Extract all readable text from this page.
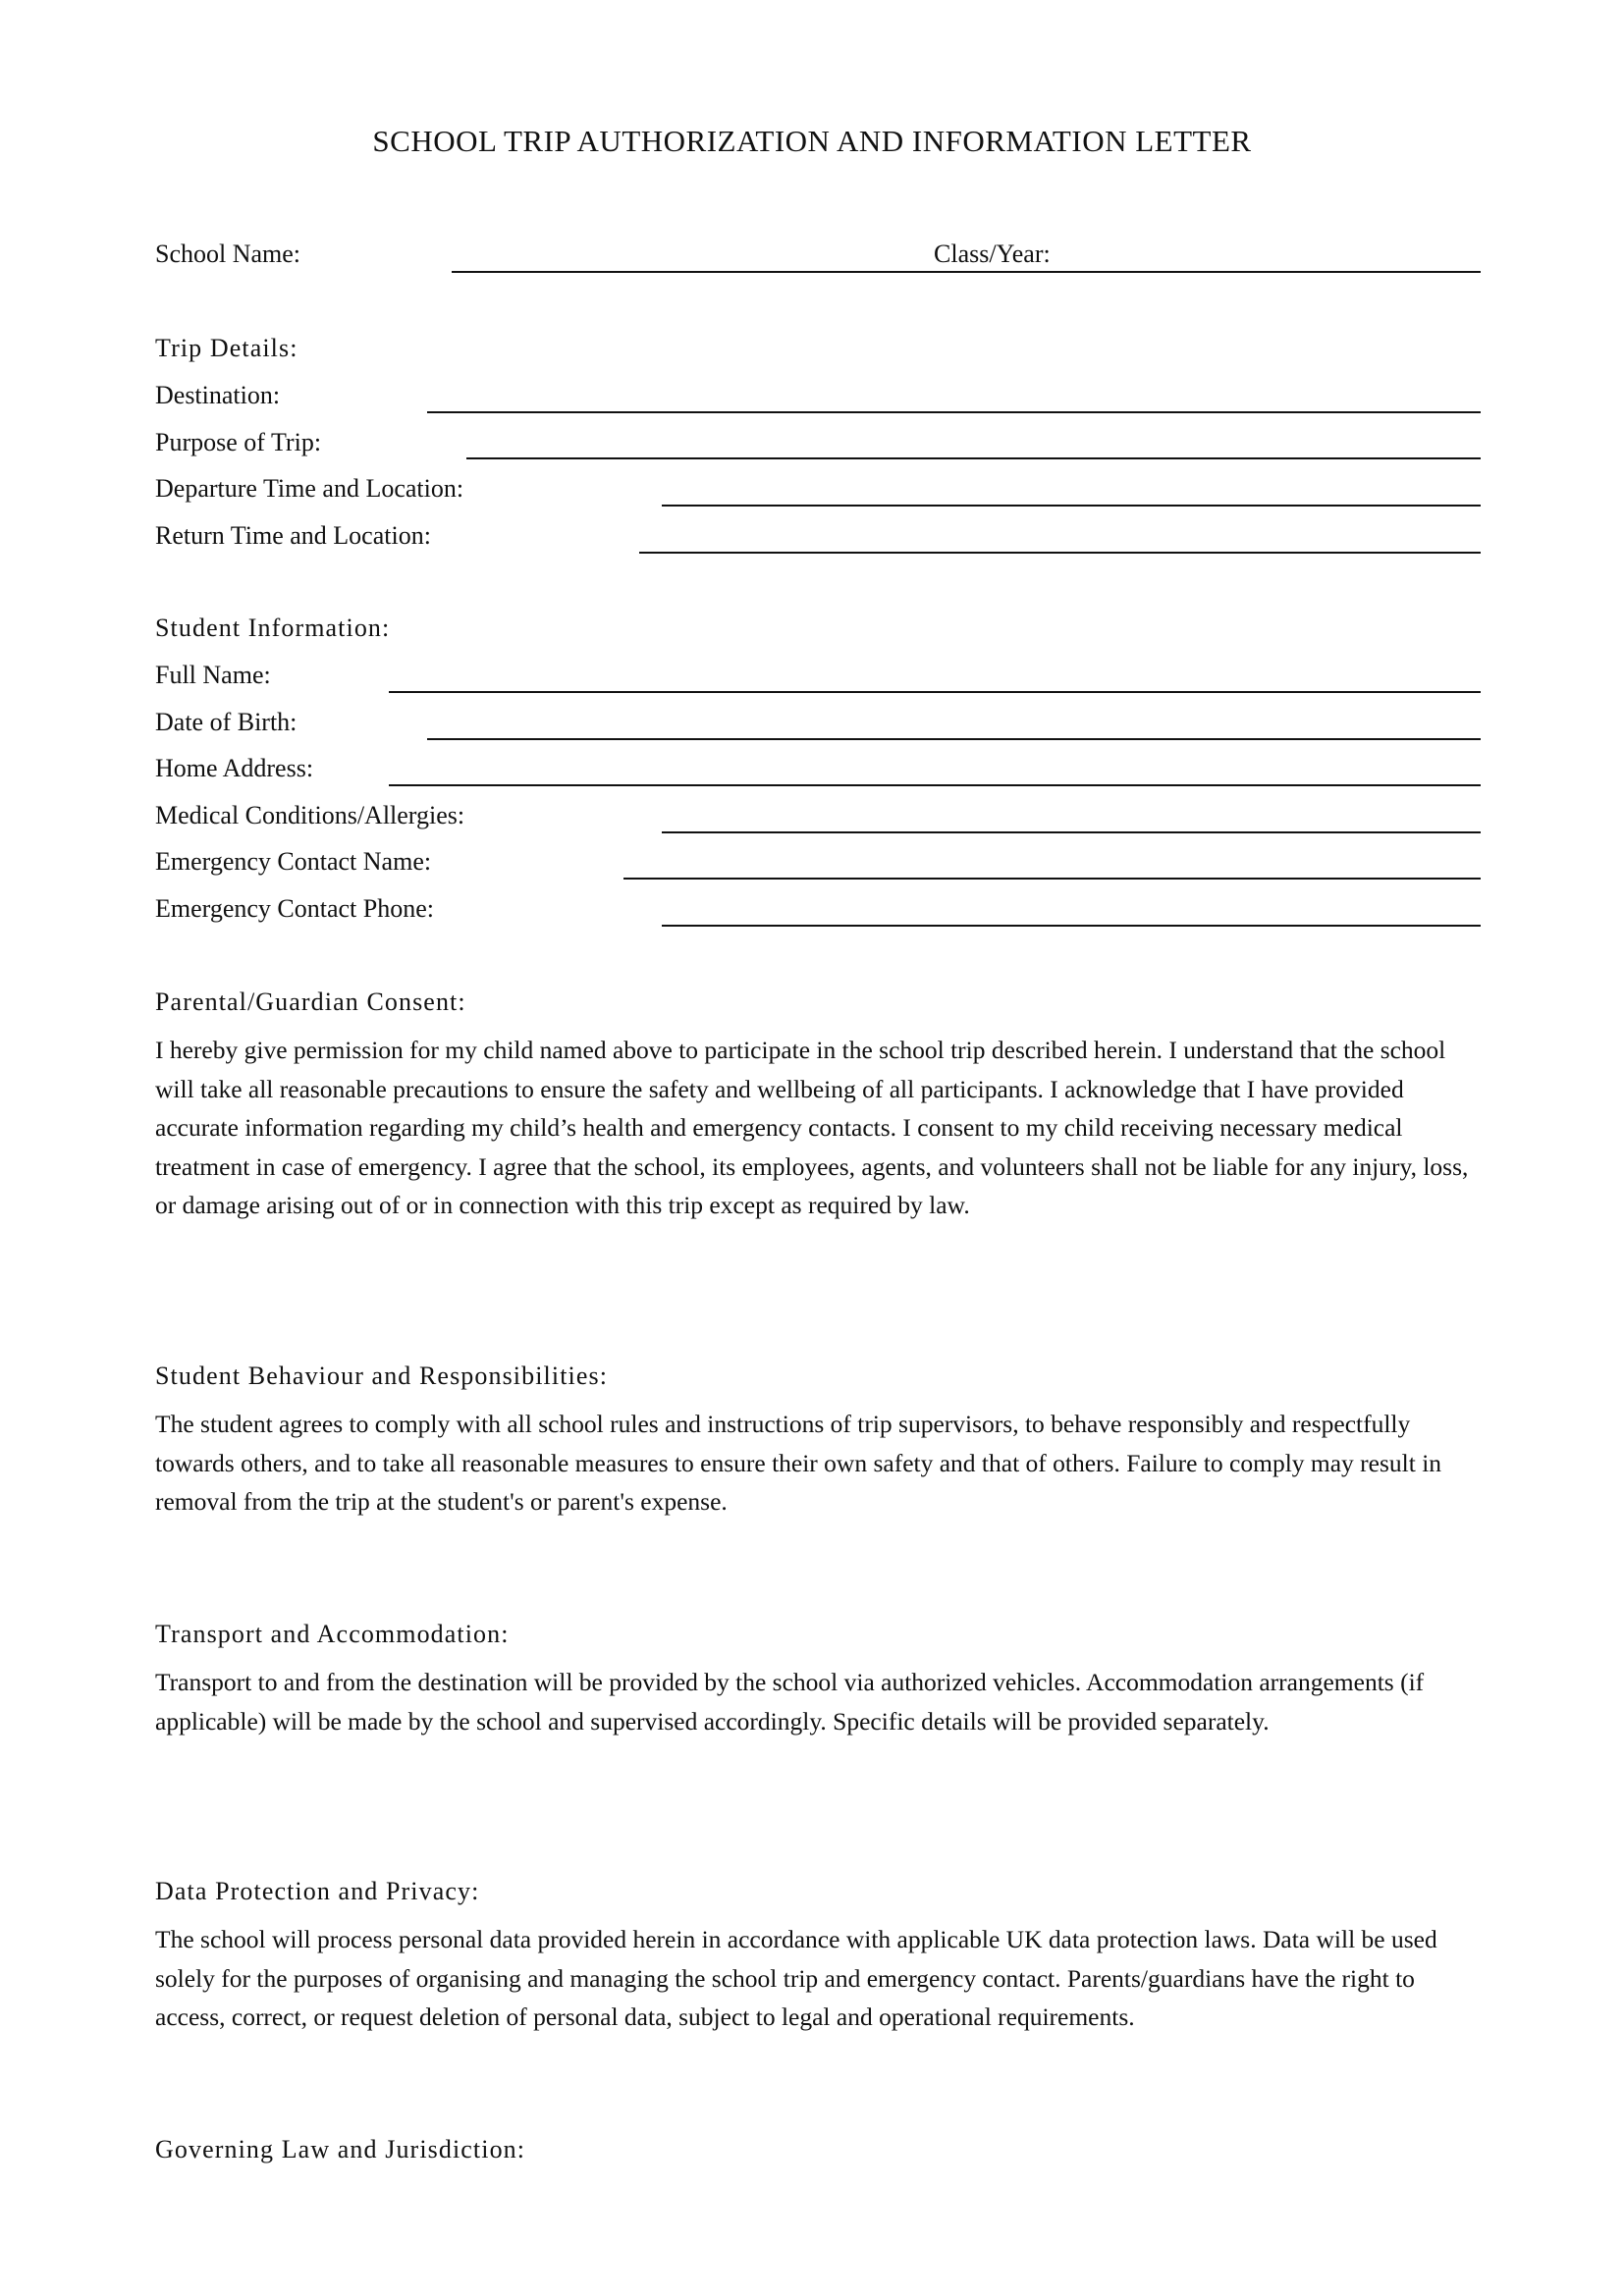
SCHOOL TRIP AUTHORIZATION AND INFORMATION LETTER
School Name:	Class/Year:
Trip Details:
Destination:
Purpose of Trip:
Departure Time and Location:
Return Time and Location:
Student Information:
Full Name:
Date of Birth:
Home Address:
Medical Conditions/Allergies:
Emergency Contact Name:
Emergency Contact Phone:
Parental/Guardian Consent:
I hereby give permission for my child named above to participate in the school trip described herein. I understand that the school will take all reasonable precautions to ensure the safety and wellbeing of all participants. I acknowledge that I have provided accurate information regarding my child’s health and emergency contacts. I consent to my child receiving necessary medical treatment in case of emergency. I agree that the school, its employees, agents, and volunteers shall not be liable for any injury, loss, or damage arising out of or in connection with this trip except as required by law.
Student Behaviour and Responsibilities:
The student agrees to comply with all school rules and instructions of trip supervisors, to behave responsibly and respectfully towards others, and to take all reasonable measures to ensure their own safety and that of others. Failure to comply may result in removal from the trip at the student's or parent's expense.
Transport and Accommodation:
Transport to and from the destination will be provided by the school via authorized vehicles. Accommodation arrangements (if applicable) will be made by the school and supervised accordingly. Specific details will be provided separately.
Data Protection and Privacy:
The school will process personal data provided herein in accordance with applicable UK data protection laws. Data will be used solely for the purposes of organising and managing the school trip and emergency contact. Parents/guardians have the right to access, correct, or request deletion of personal data, subject to legal and operational requirements.
Governing Law and Jurisdiction:
